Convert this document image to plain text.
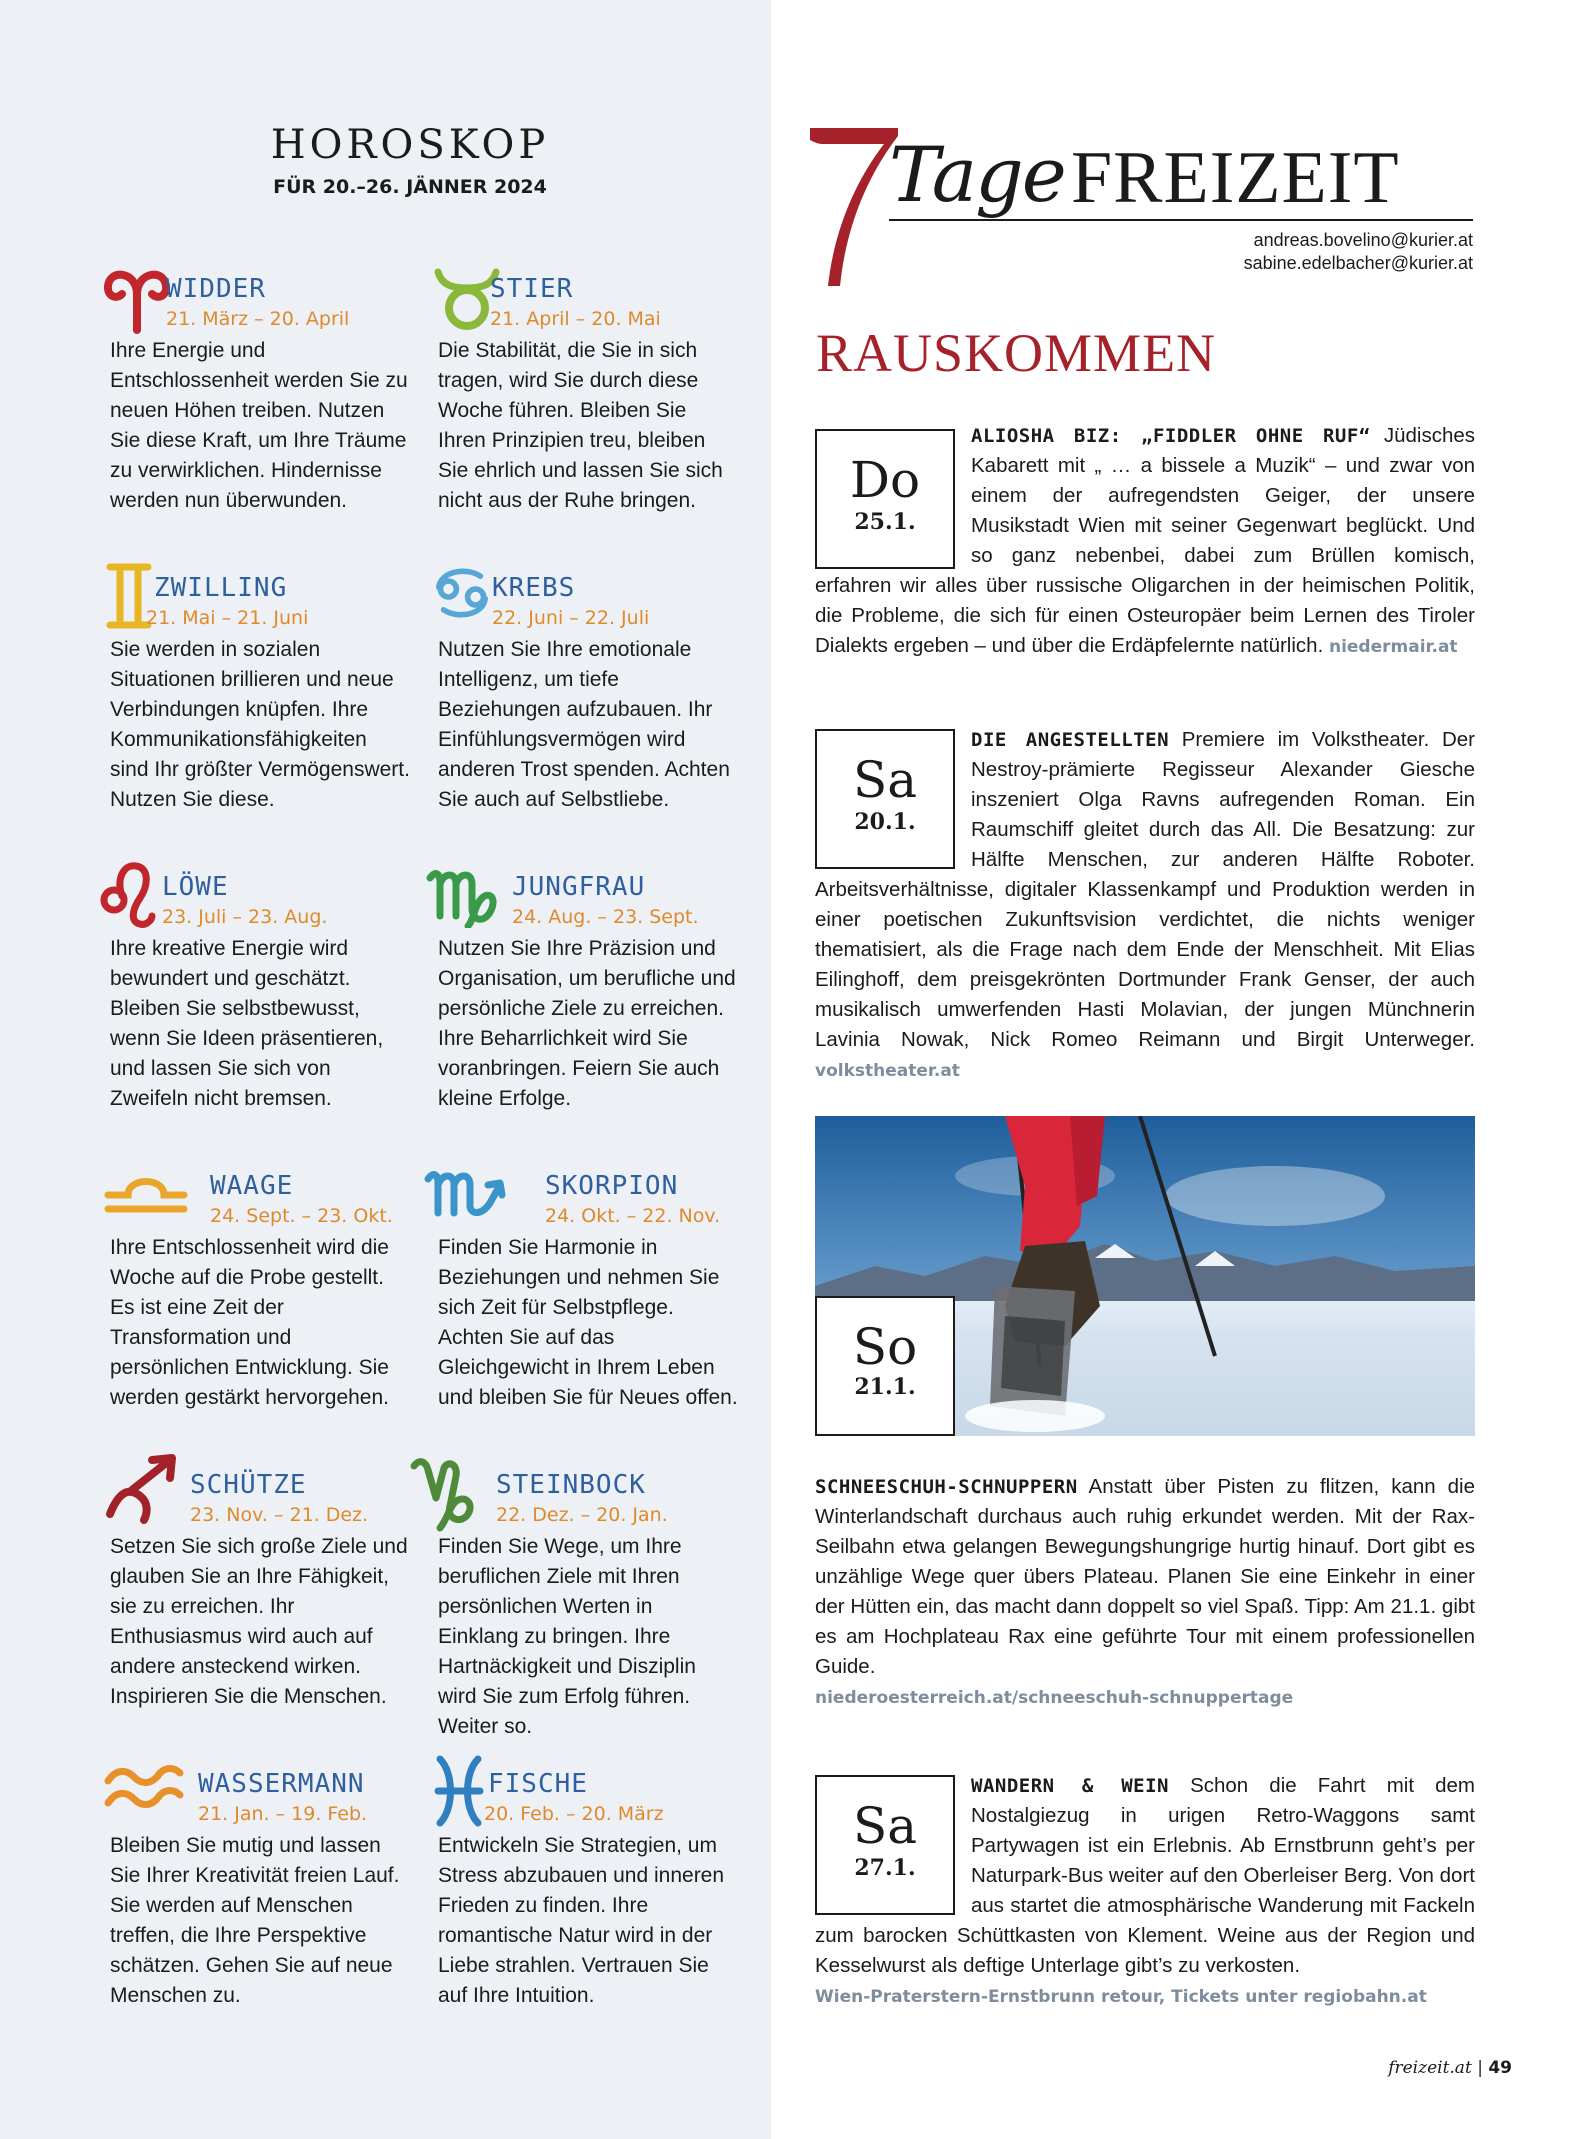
HOROSKOP
FÜR 20.–26. JÄNNER 2024
WIDDER
21. März – 20. April
Ihre Energie und Entschlossenheit werden Sie zu neuen Höhen treiben. Nutzen Sie diese Kraft, um Ihre Träume zu verwirklichen. Hindernisse werden nun überwunden.
STIER
21. April – 20. Mai
Die Stabilität, die Sie in sich tragen, wird Sie durch diese Woche führen. Bleiben Sie Ihren Prinzipien treu, bleiben Sie ehrlich und lassen Sie sich nicht aus der Ruhe bringen.
ZWILLING
21. Mai – 21. Juni
Sie werden in sozialen Situationen brillieren und neue Verbindungen knüpfen. Ihre Kommunikationsfähigkeiten sind Ihr größter Vermögenswert. Nutzen Sie diese.
KREBS
22. Juni – 22. Juli
Nutzen Sie Ihre emotionale Intelligenz, um tiefe Beziehungen aufzubauen. Ihr Einfühlungsvermögen wird anderen Trost spenden. Achten Sie auch auf Selbstliebe.
LÖWE
23. Juli – 23. Aug.
Ihre kreative Energie wird bewundert und geschätzt. Bleiben Sie selbstbewusst, wenn Sie Ideen präsentieren, und lassen Sie sich von Zweifeln nicht bremsen.
JUNGFRAU
24. Aug. – 23. Sept.
Nutzen Sie Ihre Präzision und Organisation, um berufliche und persönliche Ziele zu erreichen. Ihre Beharrlichkeit wird Sie voranbringen. Feiern Sie auch kleine Erfolge.
WAAGE
24. Sept. – 23. Okt.
Ihre Entschlossenheit wird die Woche auf die Probe gestellt. Es ist eine Zeit der Transformation und persönlichen Entwicklung. Sie werden gestärkt hervorgehen.
SKORPION
24. Okt. – 22. Nov.
Finden Sie Harmonie in Beziehungen und nehmen Sie sich Zeit für Selbstpflege. Achten Sie auf das Gleichgewicht in Ihrem Leben und bleiben Sie für Neues offen.
SCHÜTZE
23. Nov. – 21. Dez.
Setzen Sie sich große Ziele und glauben Sie an Ihre Fähigkeit, sie zu erreichen. Ihr Enthusiasmus wird auch auf andere ansteckend wirken. Inspirieren Sie die Menschen.
STEINBOCK
22. Dez. – 20. Jan.
Finden Sie Wege, um Ihre beruflichen Ziele mit Ihren persönlichen Werten in Einklang zu bringen. Ihre Hartnäckigkeit und Disziplin wird Sie zum Erfolg führen. Weiter so.
WASSERMANN
21. Jan. – 19. Feb.
Bleiben Sie mutig und lassen Sie Ihrer Kreativität freien Lauf. Sie werden auf Menschen treffen, die Ihre Perspektive schätzen. Gehen Sie auf neue Menschen zu.
FISCHE
20. Feb. – 20. März
Entwickeln Sie Strategien, um Stress abzubauen und inneren Frieden zu finden. Ihre romantische Natur wird in der Liebe strahlen. Vertrauen Sie auf Ihre Intuition.
Tage FREIZEIT
andreas.bovelino@kurier.at
sabine.edelbacher@kurier.at
RAUSKOMMEN
Do
25.1.
ALIOSHA BIZ: „FIDDLER OHNE RUF“ Jüdisches Kabarett mit „ … a bissele a Muzik“ – und zwar von einem der aufregendsten Geiger, der unsere Musikstadt Wien mit seiner Gegenwart beglückt. Und so ganz nebenbei, dabei zum Brüllen komisch, erfahren wir alles über russische Oligarchen in der heimischen Politik, die Probleme, die sich für einen Osteuropäer beim Lernen des Tiroler Dialekts ergeben – und über die Erdäpfelernte natürlich. niedermair.at
Sa
20.1.
DIE ANGESTELLTEN Premiere im Volkstheater. Der Nestroy-prämierte Regisseur Alexander Giesche inszeniert Olga Ravns aufregenden Roman. Ein Raumschiff gleitet durch das All. Die Besatzung: zur Hälfte Menschen, zur anderen Hälfte Roboter. Arbeitsverhältnisse, digitaler Klassenkampf und Produktion werden in einer poetischen Zukunftsvision verdichtet, die nichts weniger thematisiert, als die Frage nach dem Ende der Menschheit. Mit Elias Eilinghoff, dem preisgekrönten Dortmunder Frank Genser, der auch musikalisch umwerfenden Hasti Molavian, der jungen Münchnerin Lavinia Nowak, Nick Romeo Reimann und Birgit Unterweger. volkstheater.at
So
21.1.
SCHNEESCHUH-SCHNUPPERN Anstatt über Pisten zu flitzen, kann die Winterlandschaft durchaus auch ruhig erkundet werden. Mit der Rax-Seilbahn etwa gelangen Bewegungshungrige hurtig hinauf. Dort gibt es unzählige Wege quer übers Plateau. Planen Sie eine Einkehr in einer der Hütten ein, das macht dann doppelt so viel Spaß. Tipp: Am 21.1. gibt es am Hochplateau Rax eine geführte Tour mit einem professionellen Guide.
niederoesterreich.at/schneeschuh-schnuppertage
Sa
27.1.
WANDERN & WEIN Schon die Fahrt mit dem Nostalgiezug in urigen Retro-Waggons samt Partywagen ist ein Erlebnis. Ab Ernstbrunn geht’s per Naturpark-Bus weiter auf den Oberleiser Berg. Von dort aus startet die atmosphärische Wanderung mit Fackeln zum barocken Schüttkasten von Klement. Weine aus der Region und Kesselwurst als deftige Unterlage gibt’s zu verkosten.
Wien-Praterstern-Ernstbrunn retour, Tickets unter regiobahn.at
freizeit.at | 49
